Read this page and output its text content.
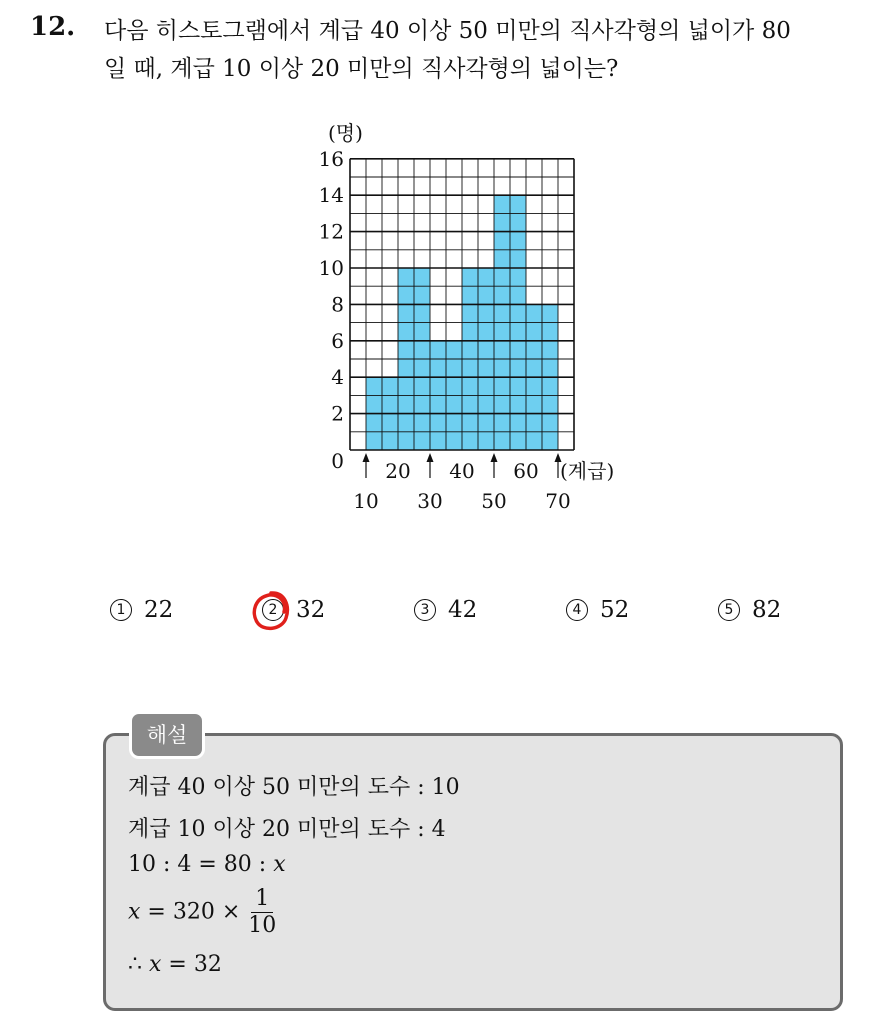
12. 다음 히스토그램에서 계급 40 이상 50 미만의 직사각형의 넓이가 80
일 때, 계급 10 이상 20 미만의 직사각형의 넓이는?
0
2
4
6
8
10
12
14
16
(명)
20 40 60
10 30 50 70
(계급)
1 22	2 32	3 42	4 52	5 82
해설
계급 40 이상 50 미만의 도수 : 10
계급 10 이상 20 미만의 도수 : 4
10 : 4 = 80 : x
$x = 320 \times \frac{1}{10}$
∴ x = 32
